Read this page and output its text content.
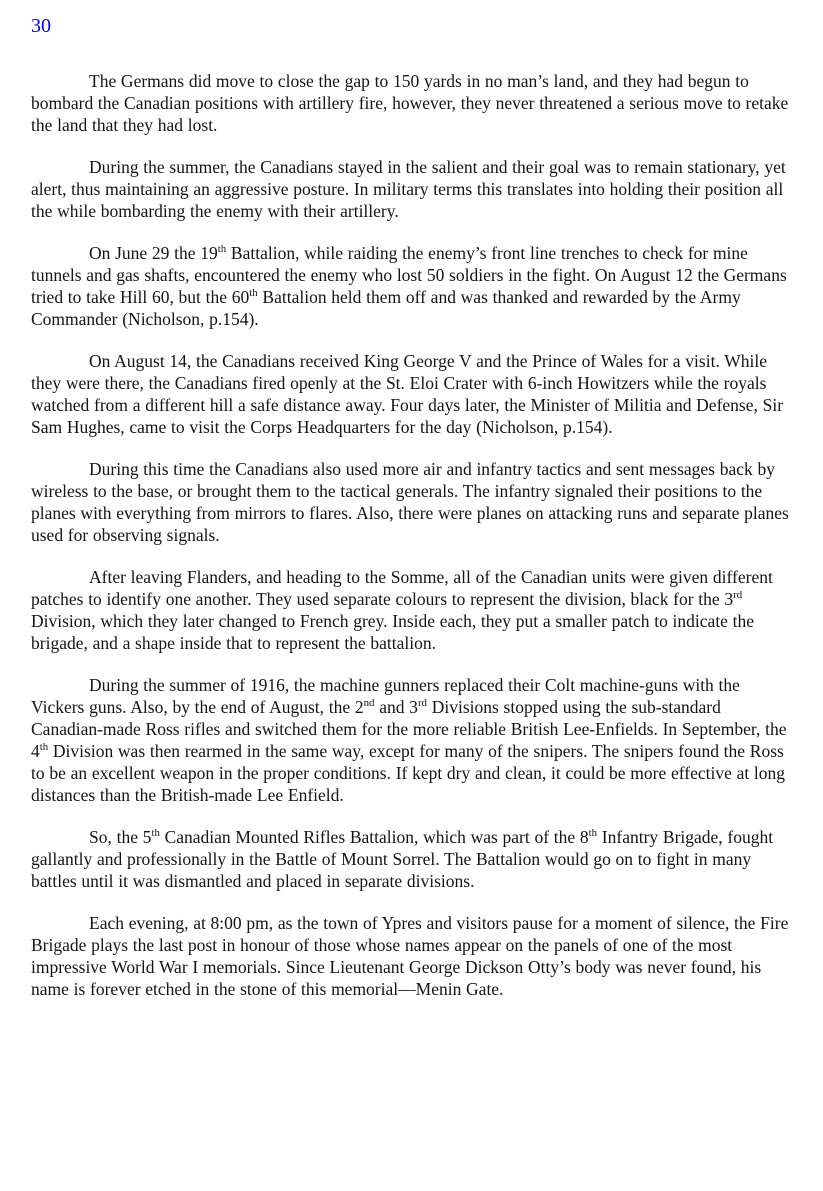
30

The Germans did move to close the gap to 150 yards in no man’s land, and they had begun to bombard the Canadian positions with artillery fire, however, they never threatened a serious move to retake the land that they had lost.

During the summer, the Canadians stayed in the salient and their goal was to remain stationary, yet alert, thus maintaining an aggressive posture. In military terms this translates into holding their position all the while bombarding the enemy with their artillery.

On June 29 the 19th Battalion, while raiding the enemy’s front line trenches to check for mine tunnels and gas shafts, encountered the enemy who lost 50 soldiers in the fight. On August 12 the Germans tried to take Hill 60, but the 60th Battalion held them off and was thanked and rewarded by the Army Commander (Nicholson, p.154).

On August 14, the Canadians received King George V and the Prince of Wales for a visit. While they were there, the Canadians fired openly at the St. Eloi Crater with 6-inch Howitzers while the royals watched from a different hill a safe distance away. Four days later, the Minister of Militia and Defense, Sir Sam Hughes, came to visit the Corps Headquarters for the day (Nicholson, p.154).

During this time the Canadians also used more air and infantry tactics and sent messages back by wireless to the base, or brought them to the tactical generals. The infantry signaled their positions to the planes with everything from mirrors to flares. Also, there were planes on attacking runs and separate planes used for observing signals.

After leaving Flanders, and heading to the Somme, all of the Canadian units were given different patches to identify one another. They used separate colours to represent the division, black for the 3rd Division, which they later changed to French grey. Inside each, they put a smaller patch to indicate the brigade, and a shape inside that to represent the battalion.

During the summer of 1916, the machine gunners replaced their Colt machine-guns with the Vickers guns. Also, by the end of August, the 2nd and 3rd Divisions stopped using the sub-standard Canadian-made Ross rifles and switched them for the more reliable British Lee-Enfields. In September, the 4th Division was then rearmed in the same way, except for many of the snipers. The snipers found the Ross to be an excellent weapon in the proper conditions. If kept dry and clean, it could be more effective at long distances than the British-made Lee Enfield.

So, the 5th Canadian Mounted Rifles Battalion, which was part of the 8th Infantry Brigade, fought gallantly and professionally in the Battle of Mount Sorrel. The Battalion would go on to fight in many battles until it was dismantled and placed in separate divisions.

Each evening, at 8:00 pm, as the town of Ypres and visitors pause for a moment of silence, the Fire Brigade plays the last post in honour of those whose names appear on the panels of one of the most impressive World War I memorials. Since Lieutenant George Dickson Otty’s body was never found, his name is forever etched in the stone of this memorial—Menin Gate.
